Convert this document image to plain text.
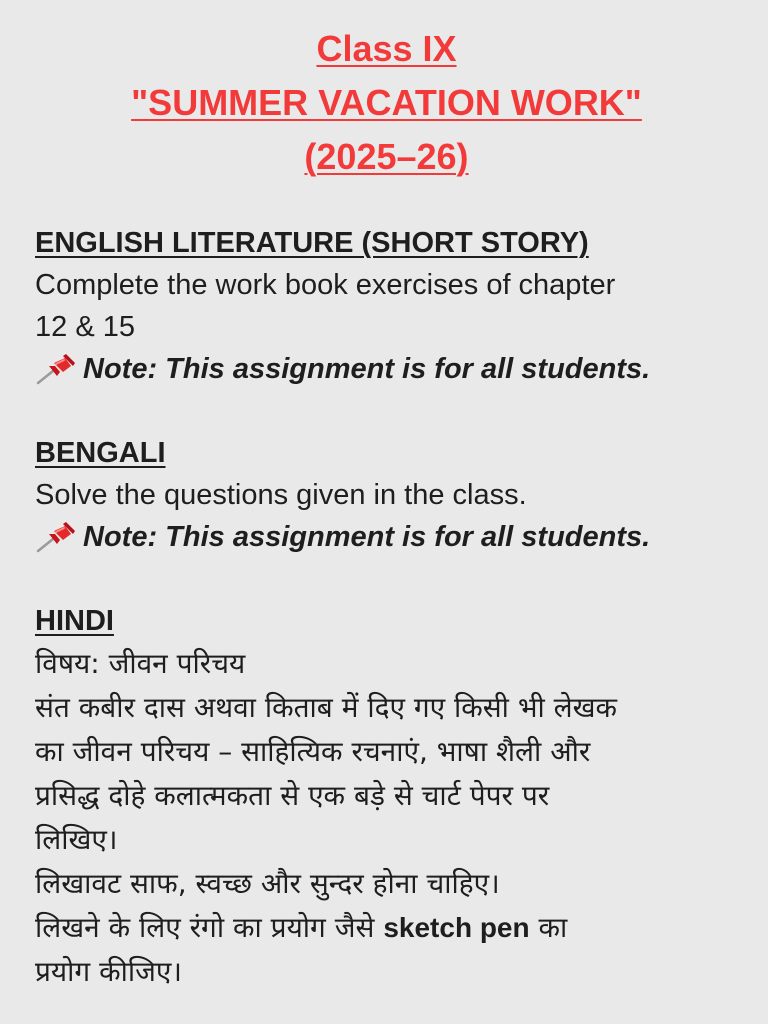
Class IX
"SUMMER VACATION WORK"
(2025–26)
ENGLISH LITERATURE (SHORT STORY)
Complete the work book exercises of chapter
12 & 15
Note: This assignment is for all students.
BENGALI
Solve the questions given in the class.
Note: This assignment is for all students.
HINDI
विषय: जीवन परिचय
संत कबीर दास अथवा किताब में दिए गए किसी भी लेखक
का जीवन परिचय – साहित्यिक रचनाएं, भाषा शैली और
प्रसिद्ध दोहे कलात्मकता से एक बड़े से चार्ट पेपर पर
लिखिए।
लिखावट साफ, स्वच्छ और सुन्दर होना चाहिए।
लिखने के लिए रंगो का प्रयोग जैसे sketch pen का
प्रयोग कीजिए।
